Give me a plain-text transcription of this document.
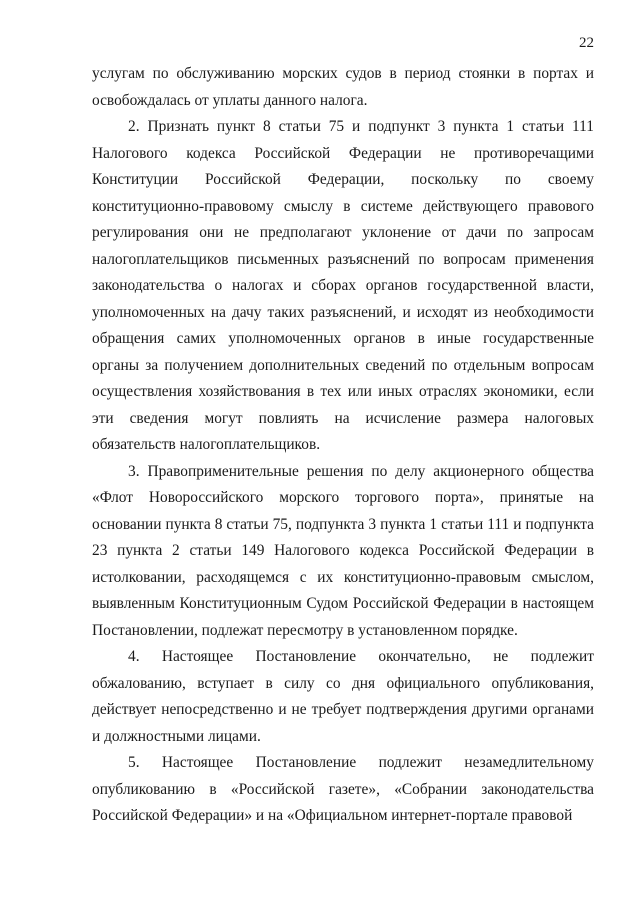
22

услугам по обслуживанию морских судов в период стоянки в портах и освобождалась от уплаты данного налога.

2. Признать пункт 8 статьи 75 и подпункт 3 пункта 1 статьи 111 Налогового кодекса Российской Федерации не противоречащими Конституции Российской Федерации, поскольку по своему конституционно-правовому смыслу в системе действующего правового регулирования они не предполагают уклонение от дачи по запросам налогоплательщиков письменных разъяснений по вопросам применения законодательства о налогах и сборах органов государственной власти, уполномоченных на дачу таких разъяснений, и исходят из необходимости обращения самих уполномоченных органов в иные государственные органы за получением дополнительных сведений по отдельным вопросам осуществления хозяйствования в тех или иных отраслях экономики, если эти сведения могут повлиять на исчисление размера налоговых обязательств налогоплательщиков.

3. Правоприменительные решения по делу акционерного общества «Флот Новороссийского морского торгового порта», принятые на основании пункта 8 статьи 75, подпункта 3 пункта 1 статьи 111 и подпункта 23 пункта 2 статьи 149 Налогового кодекса Российской Федерации в истолковании, расходящемся с их конституционно-правовым смыслом, выявленным Конституционным Судом Российской Федерации в настоящем Постановлении, подлежат пересмотру в установленном порядке.

4. Настоящее Постановление окончательно, не подлежит обжалованию, вступает в силу со дня официального опубликования, действует непосредственно и не требует подтверждения другими органами и должностными лицами.

5. Настоящее Постановление подлежит незамедлительному опубликованию в «Российской газете», «Собрании законодательства Российской Федерации» и на «Официальном интернет-портале правовой
